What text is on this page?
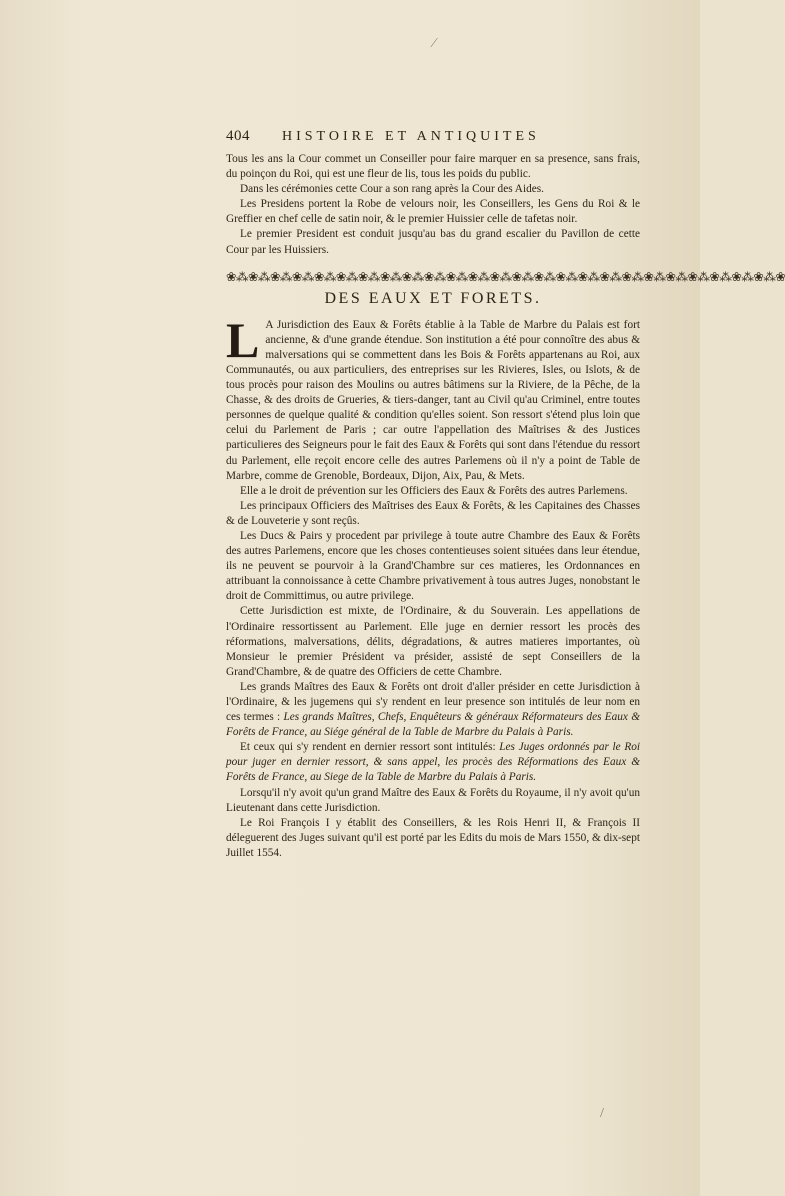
⁄
/
404 HISTOIRE ET ANTIQUITES

Tous les ans la Cour commet un Conseiller pour faire marquer en sa presence, sans frais, du poinçon du Roi, qui est une fleur de lis, tous les poids du public.

Dans les cérémonies cette Cour a son rang après la Cour des Aides.

Les Presidens portent la Robe de velours noir, les Conseillers, les Gens du Roi & le Greffier en chef celle de satin noir, & le premier Huissier celle de tafetas noir.

Le premier President est conduit jusqu'au bas du grand escalier du Pavillon de cette Cour par les Huissiers.

❀⁂❀⁂❀⁂❀⁂❀⁂❀⁂❀⁂❀⁂❀⁂❀⁂❀⁂❀⁂❀⁂❀⁂❀⁂❀⁂❀⁂❀⁂❀⁂❀⁂❀⁂❀⁂❀⁂❀⁂❀⁂❀
DES EAUX ET FORETS.

L A Jurisdiction des Eaux & Forêts établie à la Table de Marbre du Palais est fort ancienne, & d'une grande étendue. Son institution a été pour connoître des abus & malversations qui se commettent dans les Bois & Forêts appartenans au Roi, aux Communautés, ou aux particuliers, des entreprises sur les Rivieres, Isles, ou Islots, & de tous procès pour raison des Moulins ou autres bâtimens sur la Riviere, de la Pêche, de la Chasse, & des droits de Grueries, & tiers-danger, tant au Civil qu'au Criminel, entre toutes personnes de quelque qualité & condition qu'elles soient. Son ressort s'étend plus loin que celui du Parlement de Paris ; car outre l'appellation des Maîtrises & des Justices particulieres des Seigneurs pour le fait des Eaux & Forêts qui sont dans l'étendue du ressort du Parlement, elle reçoit encore celle des autres Parlemens où il n'y a point de Table de Marbre, comme de Grenoble, Bordeaux, Dijon, Aix, Pau, & Mets.

Elle a le droit de prévention sur les Officiers des Eaux & Forêts des autres Parlemens.

Les principaux Officiers des Maîtrises des Eaux & Forêts, & les Capitaines des Chasses & de Louveterie y sont reçûs.

Les Ducs & Pairs y procedent par privilege à toute autre Chambre des Eaux & Forêts des autres Parlemens, encore que les choses contentieuses soient situées dans leur étendue, ils ne peuvent se pourvoir à la Grand'Chambre sur ces matieres, les Ordonnances en attribuant la connoissance à cette Chambre privativement à tous autres Juges, nonobstant le droit de Committimus, ou autre privilege.

Cette Jurisdiction est mixte, de l'Ordinaire, & du Souverain. Les appellations de l'Ordinaire ressortissent au Parlement. Elle juge en dernier ressort les procès des réformations, malversations, délits, dégradations, & autres matieres importantes, où Monsieur le premier Président va présider, assisté de sept Conseillers de la Grand'Chambre, & de quatre des Officiers de cette Chambre.

Les grands Maîtres des Eaux & Forêts ont droit d'aller présider en cette Jurisdiction à l'Ordinaire, & les jugemens qui s'y rendent en leur presence son intitulés de leur nom en ces termes : Les grands Maîtres, Chefs, Enquêteurs & généraux Réformateurs des Eaux & Forêts de France, au Siége général de la Table de Marbre du Palais à Paris.

Et ceux qui s'y rendent en dernier ressort sont intitulés: Les Juges ordonnés par le Roi pour juger en dernier ressort, & sans appel, les procès des Réformations des Eaux & Forêts de France, au Siege de la Table de Marbre du Palais à Paris.

Lorsqu'il n'y avoit qu'un grand Maître des Eaux & Forêts du Royaume, il n'y avoit qu'un Lieutenant dans cette Jurisdiction.

Le Roi François I y établit des Conseillers, & les Rois Henri II, & François II déleguerent des Juges suivant qu'il est porté par les Edits du mois de Mars 1550, & dix-sept Juillet 1554.
